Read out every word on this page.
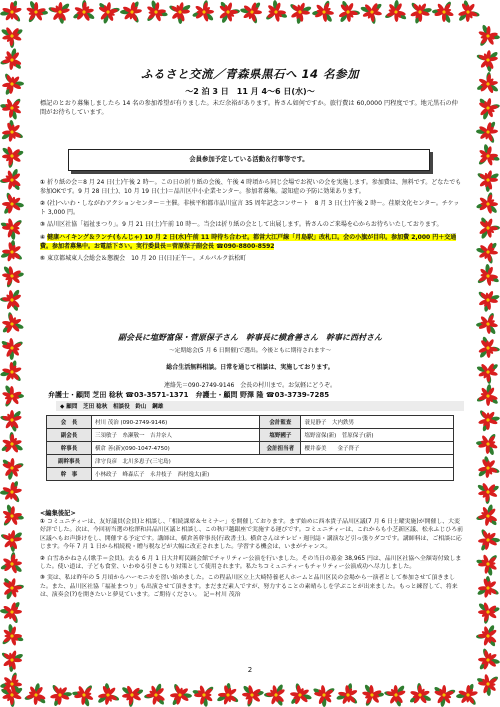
ふるさと交流／青森県黒石へ 14 名参加
〜2 泊 3 日　11 月 4〜6 日(水)〜
標記のとおり募集しましたら 14 名の参加希望が有りました。未だ余裕があります。皆さん如何ですか。旅行費は 60,0000 円程度です。地元黒石の仲間がお待ちしています。
会員参加予定している活動＆行事等です。
① 折り紙の会＝8 月 24 日(土)午後 2 時〜。この日の折り紙の会後、午後 4 時頃から同じ会場でお祝いの会を実施します。参加費は、無料です。どなたでも参加OKです。9 月 28 日(土)、10 月 19 日(土)＝品川区中小企業センター。参加者募集。認知症の予防に効果あります。
② (社)へいわ・しながわアクションセンター＝主催。非核平和都市品川宣言 35 周年記念コンサート　8 月 3 日(土)午後 2 時〜。荏原文化センター。チケット 3,000 円。
③ 品川区社協「福祉まつり」。9 月 21 日(土)午前 10 時〜。当会は折り紙の会として出展します。皆さんのご来場を心からお待ちいたしております。
④ 健康ハイキング＆ランチ(もんじゃ) 10 月 2 日(水)午前 11 時待ち合わせ。都営大江戸線「月島駅」改札口。会の小旗が目印。参加費 2,000 円＋交通費。参加者募集中。お電話下さい。実行委員長＝菅原保子副会長 ☎090-8800-8592
⑤ 東京都城東人会総会＆懇親会　10 月 20 日(日)正午〜。メルパルク浜松町
副会長に塩野富保・菅原保子さん　幹事長に横倉善さん　幹事に西村さん
〜定期総会(5 月 6 日開催)で選出。今後ともに期待されます〜
総合生活無料相談。日常を通じて相談は、実施しております。
連絡先＝090-2749-9146　会長の村川まで。お気軽にどうぞ。
弁護士・顧問 芝田 稔秋 ☎03-3571-1371　弁護士・顧問 野澤 隆 ☎03-3739-7285
◆ 顧問　芝田 稔秋　相談役　鈴山　鋼雄
会　長	村川 茂治 (090-2749-9146)	会計監査	蓑見静子　大内鉄男
副会長	三須敏子　糸瀬敬一　吉井奈人	塩野國子	塩野富保(新)　菅原保子(新)
幹事長	横倉 善(新)(090-1047-4750)	会計担当者	櫻井泰美　　金子啓子
副幹事長	津守良彦　北川多恵子(三宅島)		
幹　事	小林政子　峰森広子　永井枝子　西村逸太(新)		
<編集後記>
① コミュニティーは、友好議員(会員)と相談し、「相続課席＆セミナー」を開催しております。まず始めに西本貴子品川区議(7 月 6 日土曜実施)が開催し、大変好評でした。次は、今回初当選の松澤和昌品川区議と相談し、この秋戸越銀座で実施する運びです。コミュニティーは、これからも小芝新区議、松永ふじひろ前区議へもお声掛けをし、開催する予定です。講師は、横倉善幹事長(行政書士)。横倉さんはテレビ・週刊誌・講演など引っ張りダコです。講師料は、ご相談に応じます。今年 7 月 1 日から相続税・贈与税などが大幅に改正されました。学習する機会は、いまがチャンス。
② 白雪あかねさん(歌手＝会員)。去る 6 月 1 日大井町民踊会館でチャリティー公演を行いました。その当日の募金 38,965 円は、品川区社協へ全額寄付致しました。使い道は、子ども食堂、いわゆる引きこもり対策として使用されます。私たちコミュニティーもチャリティー公演成功へ尽力しました。
③ 実は、私は昨年の 5 月頃からハーモニカを習い始めました。この程品川区立上大崎特養老人ホームと品川区民の会場から一演者として参加させて頂きました。また、品川区社協「福祉まつり」も出演させて頂きます。まだまだ素人ですが、努力することの素晴らしを学ぶことが出来ました。もっと練習して、将来は、演奏会(?)を開きたいと夢見ています。ご期待ください。　記＝村川 茂治
2
